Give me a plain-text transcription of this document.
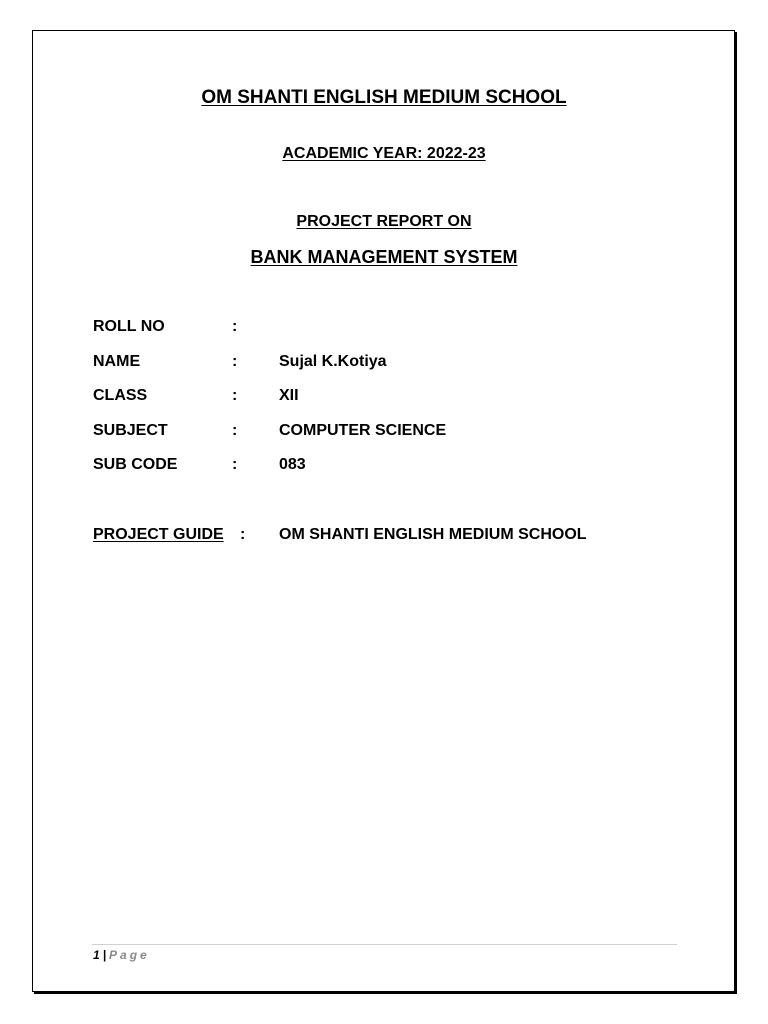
OM SHANTI ENGLISH MEDIUM SCHOOL
ACADEMIC YEAR: 2022-23
PROJECT REPORT ON
BANK MANAGEMENT SYSTEM
ROLL NO	:
NAME	:	Sujal K.Kotiya
CLASS	:	XII
SUBJECT	:	COMPUTER SCIENCE
SUB CODE	:	083
PROJECT GUIDE : OM SHANTI ENGLISH MEDIUM SCHOOL
1 | Page
